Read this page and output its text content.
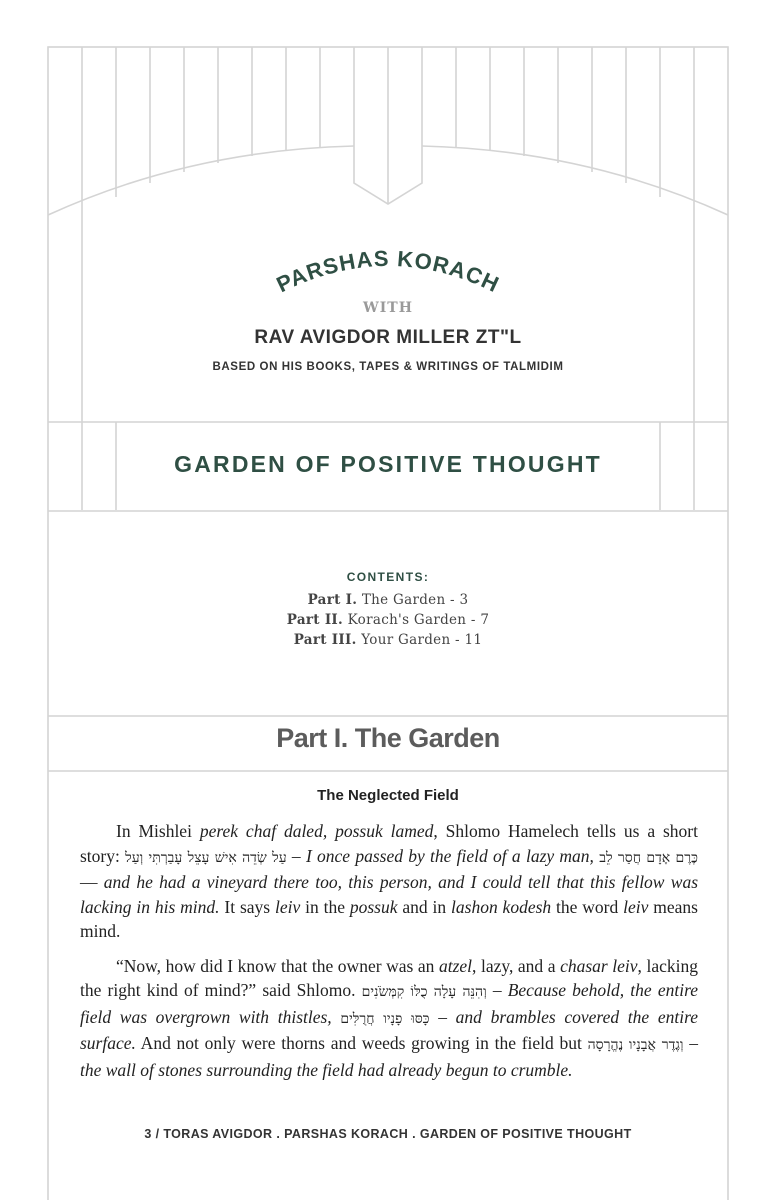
PARSHAS KORACH
WITH
RAV AVIGDOR MILLER ZT"L
BASED ON HIS BOOKS, TAPES & WRITINGS OF TALMIDIM
GARDEN OF POSITIVE THOUGHT
CONTENTS:
Part I. The Garden - 3
Part II. Korach's Garden - 7
Part III. Your Garden - 11
Part I. The Garden
The Neglected Field

In Mishlei perek chaf daled, possuk lamed, Shlomo Hamelech tells us a short story: עַל שְׂדֵה אִישׁ עָצֵל עָבַרְתִּי וְעַל – I once passed by the field of a lazy man, כֶּרֶם אָדָם חֲסַר לֵב — and he had a vineyard there too, this person, and I could tell that this fellow was lacking in his mind. It says leiv in the possuk and in lashon kodesh the word leiv means mind.

“Now, how did I know that the owner was an atzel, lazy, and a chasar leiv, lacking the right kind of mind?” said Shlomo. וְהִנֵּה עָלָה כֻלּוֹ קִמְּשֹׂנִים – Because behold, the entire field was overgrown with thistles, כָּסּוּ פָנָיו חֲרֻלִּים – and brambles covered the entire surface. And not only were thorns and weeds growing in the field but וְגֶדֶר אֲבָנָיו נֶהֱרָסָה – the wall of stones surrounding the field had already begun to crumble.

3 / TORAS AVIGDOR . PARSHAS KORACH . GARDEN OF POSITIVE THOUGHT
